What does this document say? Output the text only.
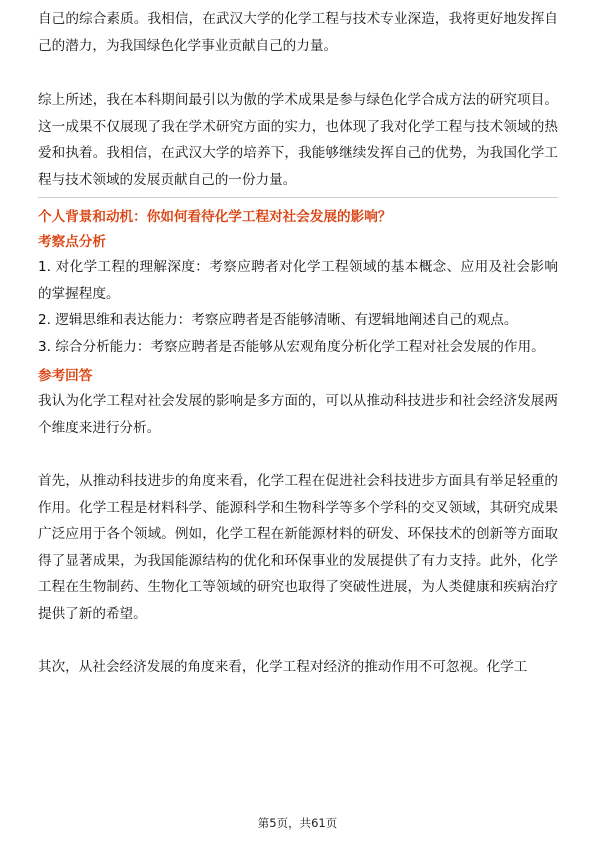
自己的综合素质。我相信，在武汉大学的化学工程与技术专业深造，我将更好地发挥自己的潜力，为我国绿色化学事业贡献自己的力量。

综上所述，我在本科期间最引以为傲的学术成果是参与绿色化学合成方法的研究项目。这一成果不仅展现了我在学术研究方面的实力，也体现了我对化学工程与技术领域的热爱和执着。我相信，在武汉大学的培养下，我能够继续发挥自己的优势，为我国化学工程与技术领域的发展贡献自己的一份力量。

个人背景和动机：你如何看待化学工程对社会发展的影响？

考察点分析

1. 对化学工程的理解深度：考察应聘者对化学工程领域的基本概念、应用及社会影响的掌握程度。

2. 逻辑思维和表达能力：考察应聘者是否能够清晰、有逻辑地阐述自己的观点。

3. 综合分析能力：考察应聘者是否能够从宏观角度分析化学工程对社会发展的作用。

参考回答

我认为化学工程对社会发展的影响是多方面的，可以从推动科技进步和社会经济发展两个维度来进行分析。

首先，从推动科技进步的角度来看，化学工程在促进社会科技进步方面具有举足轻重的作用。化学工程是材料科学、能源科学和生物科学等多个学科的交叉领域，其研究成果广泛应用于各个领域。例如，化学工程在新能源材料的研发、环保技术的创新等方面取得了显著成果，为我国能源结构的优化和环保事业的发展提供了有力支持。此外，化学工程在生物制药、生物化工等领域的研究也取得了突破性进展，为人类健康和疾病治疗提供了新的希望。

其次，从社会经济发展的角度来看，化学工程对经济的推动作用不可忽视。化学工

第5页，共61页
